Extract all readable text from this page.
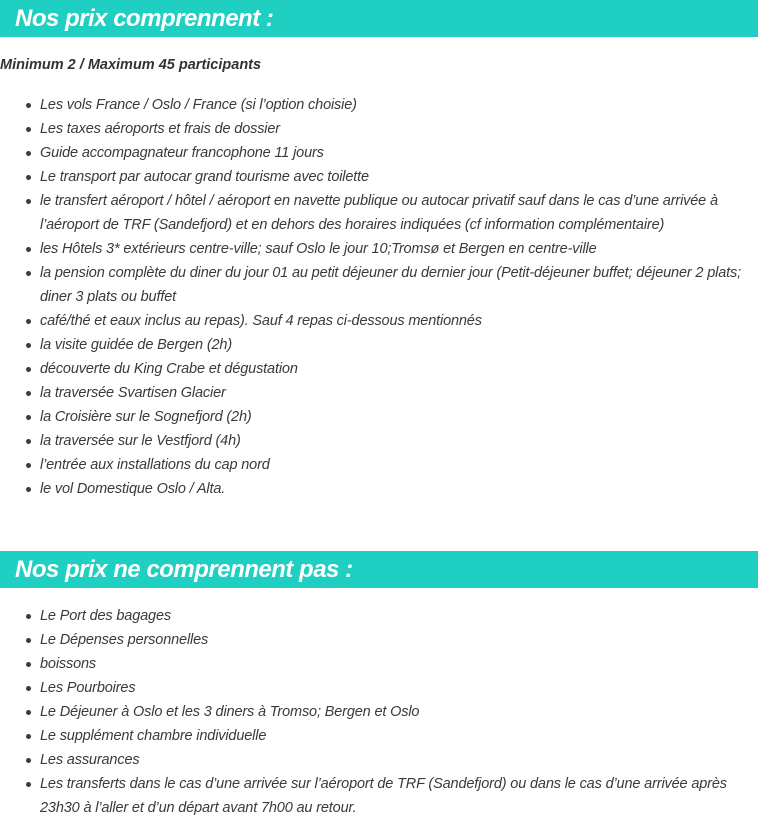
Nos prix comprennent :
Minimum 2 / Maximum 45 participants
Les vols France / Oslo / France (si l’option choisie)
Les taxes aéroports et frais de dossier
Guide accompagnateur francophone 11 jours
Le transport par autocar grand tourisme avec toilette
le transfert aéroport / hôtel / aéroport en navette publique ou autocar privatif sauf dans le cas d’une arrivée à l’aéroport de TRF (Sandefjord) et en dehors des horaires indiquées (cf information complémentaire)
les Hôtels 3* extérieurs centre-ville; sauf Oslo le jour 10;Tromsø et Bergen en centre-ville
la pension complète du diner du jour 01 au petit déjeuner du dernier jour (Petit-déjeuner buffet; déjeuner 2 plats; diner 3 plats ou buffet
café/thé et eaux inclus au repas). Sauf 4 repas ci-dessous mentionnés
la visite guidée de Bergen (2h)
découverte du King Crabe et dégustation
la traversée Svartisen Glacier
la Croisière sur le Sognefjord (2h)
la traversée sur le Vestfjord (4h)
l’entrée aux installations du cap nord
le vol Domestique Oslo / Alta.
Nos prix ne comprennent pas :
Le Port des bagages
Le Dépenses personnelles
boissons
Les Pourboires
Le Déjeuner à Oslo et les 3 diners à Tromso; Bergen et Oslo
Le supplément chambre individuelle
Les assurances
Les transferts dans le cas d’une arrivée sur l’aéroport de TRF (Sandefjord) ou dans le cas d’une arrivée après 23h30 à l’aller et d’un départ avant 7h00 au retour.
